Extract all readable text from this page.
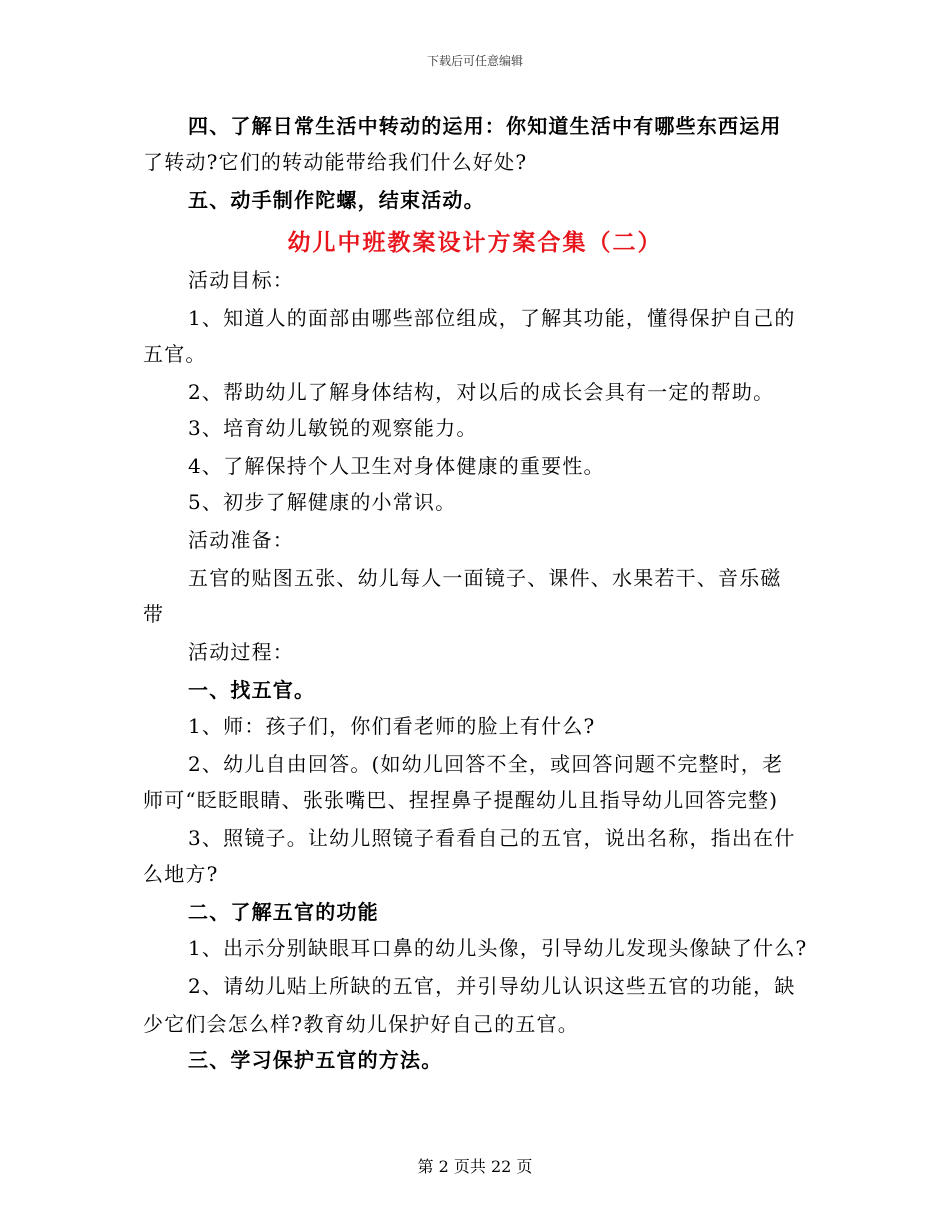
下载后可任意编辑
四、了解日常生活中转动的运用：你知道生活中有哪些东西运用
了转动?它们的转动能带给我们什么好处?
五、动手制作陀螺，结束活动。
幼儿中班教案设计方案合集（二）
活动目标：
1、知道人的面部由哪些部位组成，了解其功能，懂得保护自己的
五官。
2、帮助幼儿了解身体结构，对以后的成长会具有一定的帮助。
3、培育幼儿敏锐的观察能力。
4、了解保持个人卫生对身体健康的重要性。
5、初步了解健康的小常识。
活动准备：
五官的贴图五张、幼儿每人一面镜子、课件、水果若干、音乐磁
带
活动过程：
一、找五官。
1、师：孩子们，你们看老师的脸上有什么?
2、幼儿自由回答。(如幼儿回答不全，或回答问题不完整时，老
师可“眨眨眼睛、张张嘴巴、捏捏鼻子提醒幼儿且指导幼儿回答完整)
3、照镜子。让幼儿照镜子看看自己的五官，说出名称，指出在什
么地方?
二、了解五官的功能
1、出示分别缺眼耳口鼻的幼儿头像，引导幼儿发现头像缺了什么?
2、请幼儿贴上所缺的五官，并引导幼儿认识这些五官的功能，缺
少它们会怎么样?教育幼儿保护好自己的五官。
三、学习保护五官的方法。
第 2 页共 22 页
